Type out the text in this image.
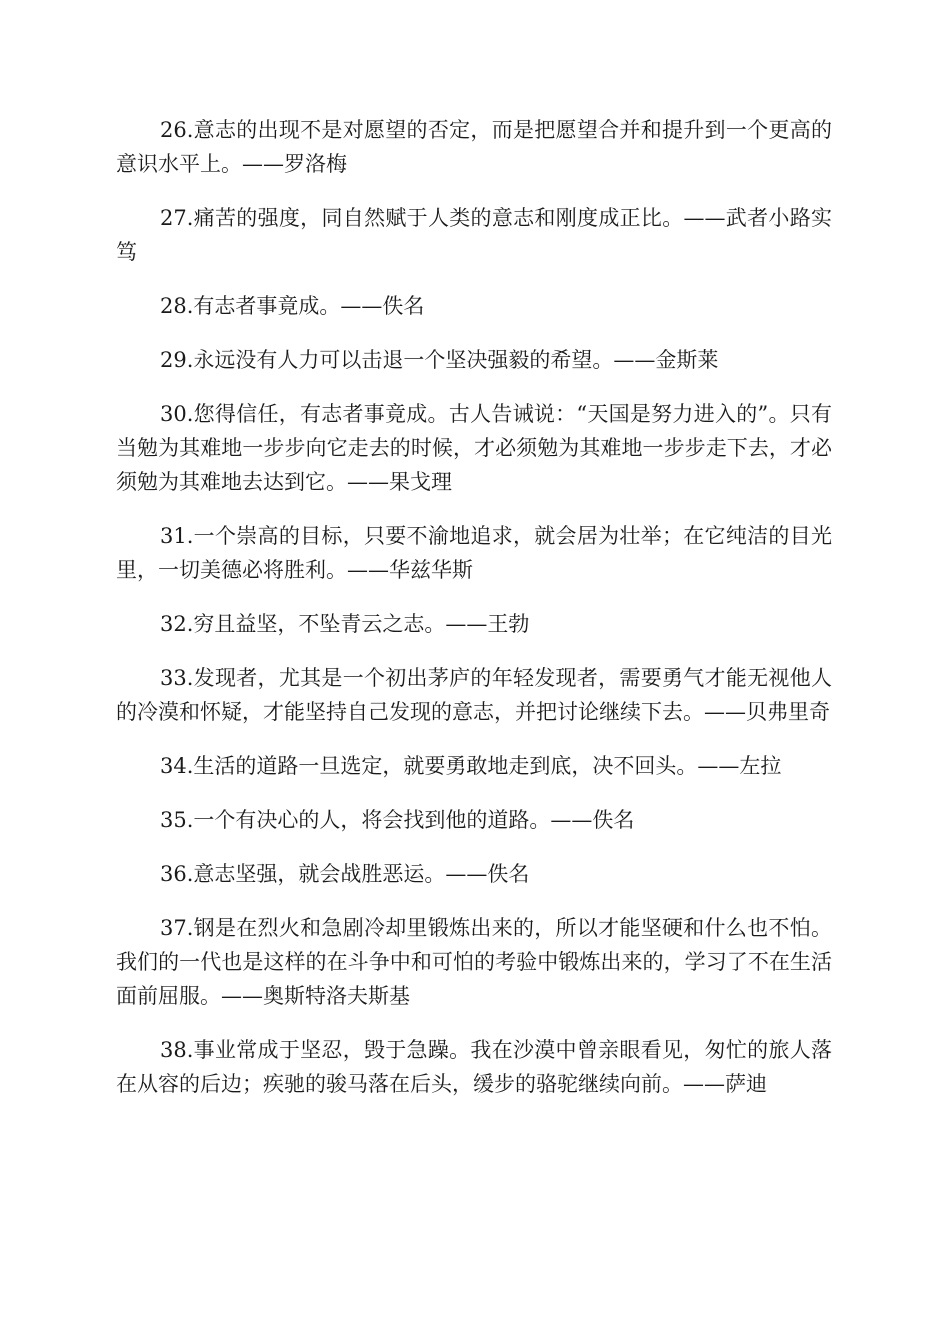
26.意志的出现不是对愿望的否定，而是把愿望合并和提升到一个更高的意识水平上。——罗洛梅

27.痛苦的强度，同自然赋于人类的意志和刚度成正比。——武者小路实笃

28.有志者事竟成。——佚名

29.永远没有人力可以击退一个坚决强毅的希望。——金斯莱

30.您得信任，有志者事竟成。古人告诫说：“天国是努力进入的”。只有当勉为其难地一步步向它走去的时候，才必须勉为其难地一步步走下去，才必须勉为其难地去达到它。——果戈理

31.一个崇高的目标，只要不渝地追求，就会居为壮举；在它纯洁的目光里，一切美德必将胜利。——华兹华斯

32.穷且益坚，不坠青云之志。——王勃

33.发现者，尤其是一个初出茅庐的年轻发现者，需要勇气才能无视他人的冷漠和怀疑，才能坚持自己发现的意志，并把讨论继续下去。——贝弗里奇

34.生活的道路一旦选定，就要勇敢地走到底，决不回头。——左拉

35.一个有决心的人，将会找到他的道路。——佚名

36.意志坚强，就会战胜恶运。——佚名

37.钢是在烈火和急剧冷却里锻炼出来的，所以才能坚硬和什么也不怕。我们的一代也是这样的在斗争中和可怕的考验中锻炼出来的，学习了不在生活面前屈服。——奥斯特洛夫斯基

38.事业常成于坚忍，毁于急躁。我在沙漠中曾亲眼看见，匆忙的旅人落在从容的后边；疾驰的骏马落在后头，缓步的骆驼继续向前。——萨迪
